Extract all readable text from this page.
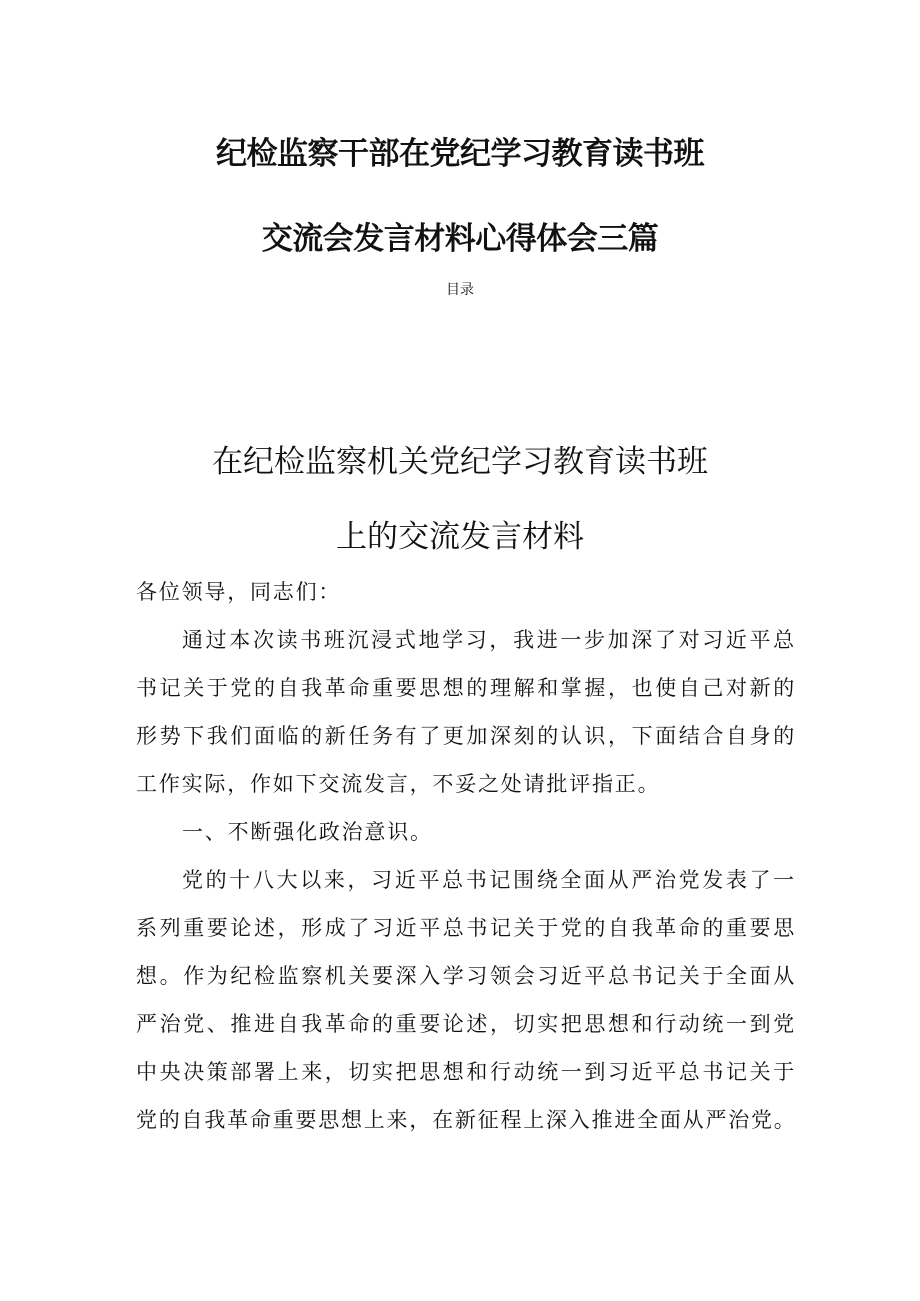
纪检监察干部在党纪学习教育读书班
交流会发言材料心得体会三篇
目录
在纪检监察机关党纪学习教育读书班
上的交流发言材料
各位领导，同志们：
通过本次读书班沉浸式地学习，我进一步加深了对习近平总
书记关于党的自我革命重要思想的理解和掌握，也使自己对新的
形势下我们面临的新任务有了更加深刻的认识，下面结合自身的
工作实际，作如下交流发言，不妥之处请批评指正。
一、不断强化政治意识。
党的十八大以来，习近平总书记围绕全面从严治党发表了一
系列重要论述，形成了习近平总书记关于党的自我革命的重要思
想。作为纪检监察机关要深入学习领会习近平总书记关于全面从
严治党、推进自我革命的重要论述，切实把思想和行动统一到党
中央决策部署上来，切实把思想和行动统一到习近平总书记关于
党的自我革命重要思想上来，在新征程上深入推进全面从严治党。
